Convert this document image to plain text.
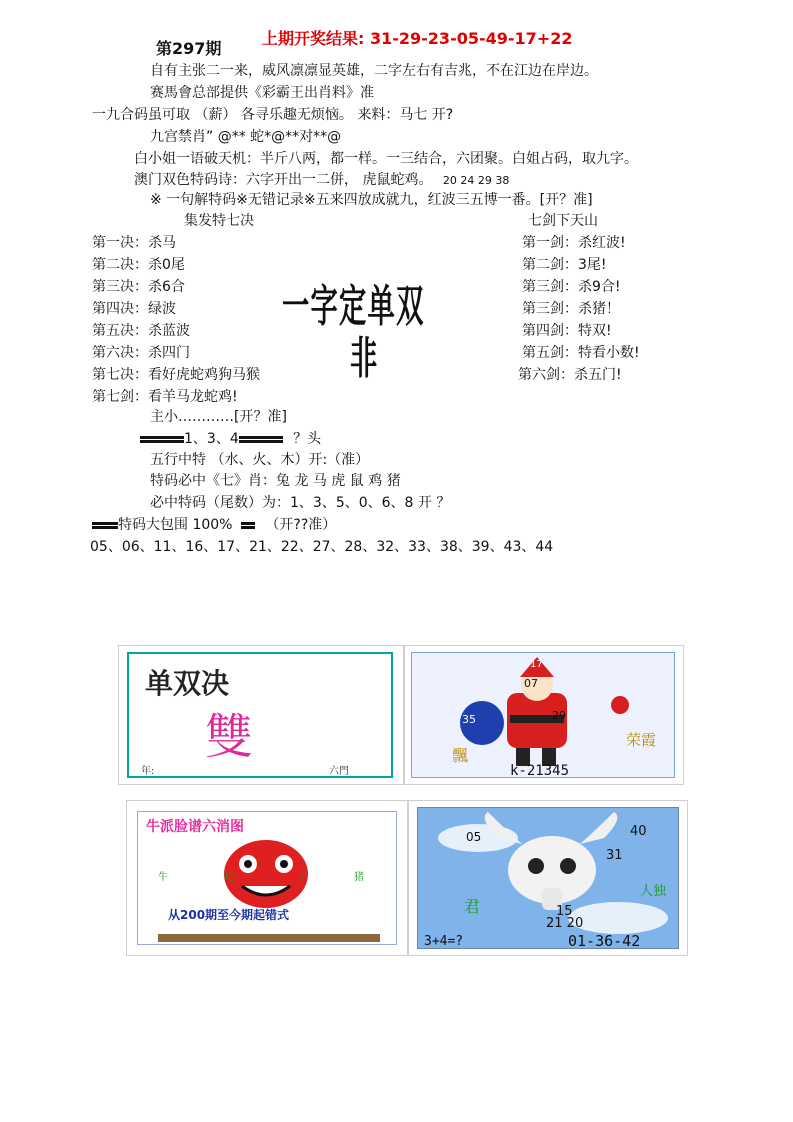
第297期
上期开奖结果: 31-29-23-05-49-17+22
自有主张二一来，威风凛凛显英雄，二字左右有吉兆，不在江边在岸边。
赛馬會总部提供《彩霸王出肖料》准
一九合码虽可取 （薪） 各寻乐趣无烦恼。 来料：马七 开?
九宫禁肖” @** 蛇*@**对**@
白小姐一语破天机：半斤八两，都一样。一三结合，六团聚。白姐占码，取九字。
澳门双色特码诗：六字开出一二併， 虎鼠蛇鸡。 20 24 29 38
※ 一句解特码※无错记录※五来四放成就九，红波三五博一番。[开？准]
集发特七决
第一决：杀马
第二决：杀0尾
第三决：杀6合
第四决：绿波
第五决：杀蓝波
第六决：杀四门
第七决：看好虎蛇鸡狗马猴
第七剑：看羊马龙蛇鸡!
一字定单双
非
七剑下天山
第一剑：杀红波!
第二剑：3尾!
第三剑：杀9合!
第三剑：杀猪！
第四剑：特双!
第五剑：特看小数!
第六剑：杀五门!
主小…………[开？准]
1、3、4	？头
五行中特 （水、火、木）开:（准）
特码必中《七》肖：兔 龙 马 虎 鼠 鸡 猪
必中特码（尾数）为：1、3、5、0、6、8 开 ？
特码大包围 100% （开??准）
05、06、11、16、17、21、22、27、28、32、33、38、39、43、44
单双决
雙
年:	六門
07
17
35	29
飄
荣霞
k-21345
牛派脸谱六消图
牛	蛇	羊	猪
从200期至今期起错式
05	40
31
15
21 20
君
人独
3+4=?	01-36-42
